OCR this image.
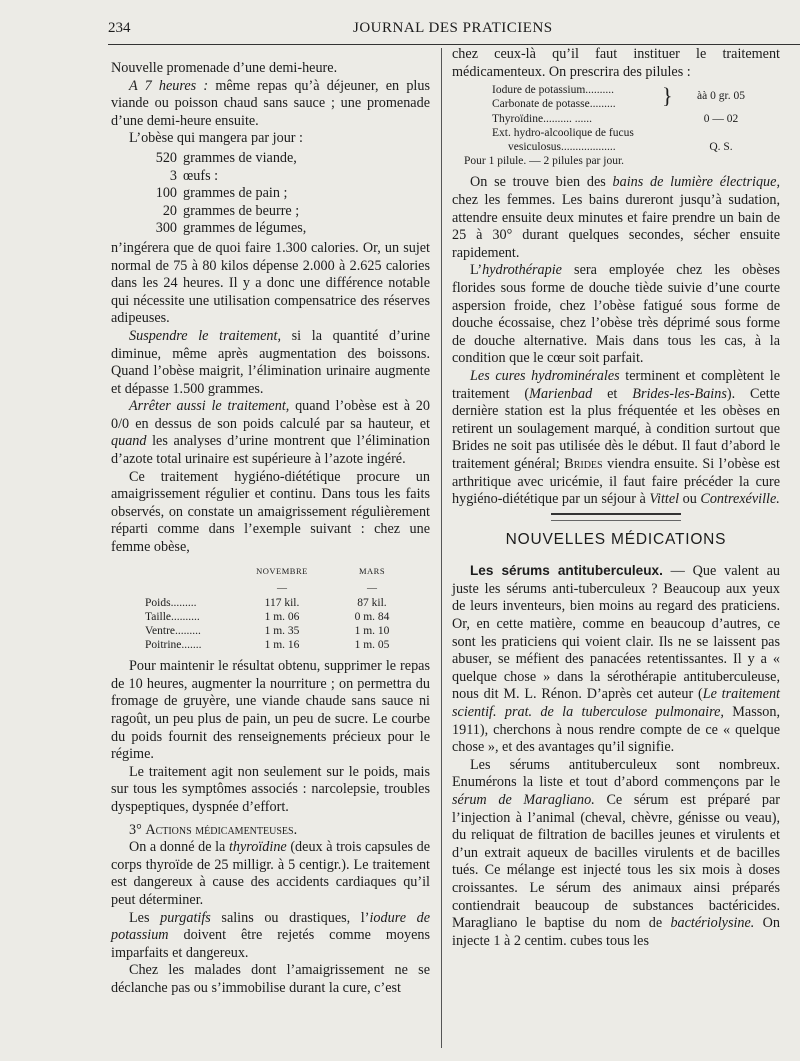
234	JOURNAL DES PRATICIENS

Nouvelle promenade d’une demi-heure.

A 7 heures : même repas qu’à déjeuner, en plus viande ou poisson chaud sans sauce ; une promenade d’une demi-heure ensuite.

L’obèse qui mangera par jour :

520 grammes de viande,
3 œufs :
100 grammes de pain ;
20 grammes de beurre ;
300 grammes de légumes,

n’ingérera que de quoi faire 1.300 calories. Or, un sujet normal de 75 à 80 kilos dépense 2.000 à 2.625 calories dans les 24 heures. Il y a donc une différence notable qui nécessite une utilisation compensatrice des réserves adipeuses.

Suspendre le traitement, si la quantité d’urine diminue, même après augmentation des boissons. Quand l’obèse maigrit, l’élimination urinaire augmente et dépasse 1.500 grammes.

Arrêter aussi le traitement, quand l’obèse est à 20 0/0 en dessus de son poids calculé par sa hauteur, et quand les analyses d’urine montrent que l’élimination d’azote total urinaire est supérieure à l’azote ingéré.

Ce traitement hygiéno-diététique procure un amaigrissement régulier et continu. Dans tous les faits observés, on constate un amaigrissement régulièrement réparti comme dans l’exemple suivant : chez une femme obèse,

	NOVEMBRE	MARS
	—	—
Poids.........	117 kil.	87 kil.
Taille..........	1 m. 06	0 m. 84
Ventre.........	1 m. 35	1 m. 10
Poitrine.......	1 m. 16	1 m. 05

Pour maintenir le résultat obtenu, supprimer le repas de 10 heures, augmenter la nourriture ; on permettra du fromage de gruyère, une viande chaude sans sauce ni ragoût, un peu plus de pain, un peu de sucre. Le courbe du poids fournit des renseignements précieux pour le régime.

Le traitement agit non seulement sur le poids, mais sur tous les symptômes associés : narcolepsie, troubles dyspeptiques, dyspnée d’effort.

3° Actions médicamenteuses.

On a donné de la thyroïdine (deux à trois capsules de corps thyroïde de 25 milligr. à 5 centigr.). Le traitement est dangereux à cause des accidents cardiaques qu’il peut déterminer.

Les purgatifs salins ou drastiques, l’iodure de potassium doivent être rejetés comme moyens imparfaits et dangereux.

Chez les malades dont l’amaigrissement ne se déclanche pas ou s’immobilise durant la cure, c’est

chez ceux-là qu’il faut instituer le traitement médicamenteux. On prescrira des pilules :

Iodure de potassium..........	}	àà 0 gr. 05
Carbonate de potasse.........		
Thyroïdine.......... ......		0 — 02
Ext. hydro-alcoolique de fucus		
vesiculosus...................		Q. S.
Pour 1 pilule. — 2 pilules par jour.		

On se trouve bien des bains de lumière électrique, chez les femmes. Les bains dureront jusqu’à sudation, attendre ensuite deux minutes et faire prendre un bain de 25 à 30° durant quelques secondes, sécher ensuite rapidement.

L’hydrothérapie sera employée chez les obèses florides sous forme de douche tiède suivie d’une courte aspersion froide, chez l’obèse fatigué sous forme de douche écossaise, chez l’obèse très déprimé sous forme de douche alternative. Mais dans tous les cas, à la condition que le cœur soit parfait.

Les cures hydrominérales terminent et complètent le traitement (Marienbad et Brides-les-Bains). Cette dernière station est la plus fréquentée et les obèses en retirent un soulagement marqué, à condition surtout que Brides ne soit pas utilisée dès le début. Il faut d’abord le traitement général; Brides viendra ensuite. Si l’obèse est arthritique avec uricémie, il faut faire précéder la cure hygiéno-diététique par un séjour à Vittel ou Contrexéville.

NOUVELLES MÉDICATIONS

Les sérums antituberculeux. — Que valent au juste les sérums anti-tuberculeux ? Beaucoup aux yeux de leurs inventeurs, bien moins au regard des praticiens. Or, en cette matière, comme en beaucoup d’autres, ce sont les praticiens qui voient clair. Ils ne se laissent pas abuser, se méfient des panacées retentissantes. Il y a « quelque chose » dans la sérothérapie antituberculeuse, nous dit M. L. Rénon. D’après cet auteur (Le traitement scientif. prat. de la tuberculose pulmonaire, Masson, 1911), cherchons à nous rendre compte de ce « quelque chose », et des avantages qu’il signifie.

Les sérums antituberculeux sont nombreux. Enumérons la liste et tout d’abord commençons par le sérum de Maragliano. Ce sérum est préparé par l’injection à l’animal (cheval, chèvre, génisse ou veau), du reliquat de filtration de bacilles jeunes et virulents et d’un extrait aqueux de bacilles virulents et de bacilles tués. Ce mélange est injecté tous les six mois à doses croissantes. Le sérum des animaux ainsi préparés contiendrait beaucoup de substances bactéricides. Maragliano le baptise du nom de bactériolysine. On injecte 1 à 2 centim. cubes tous les
